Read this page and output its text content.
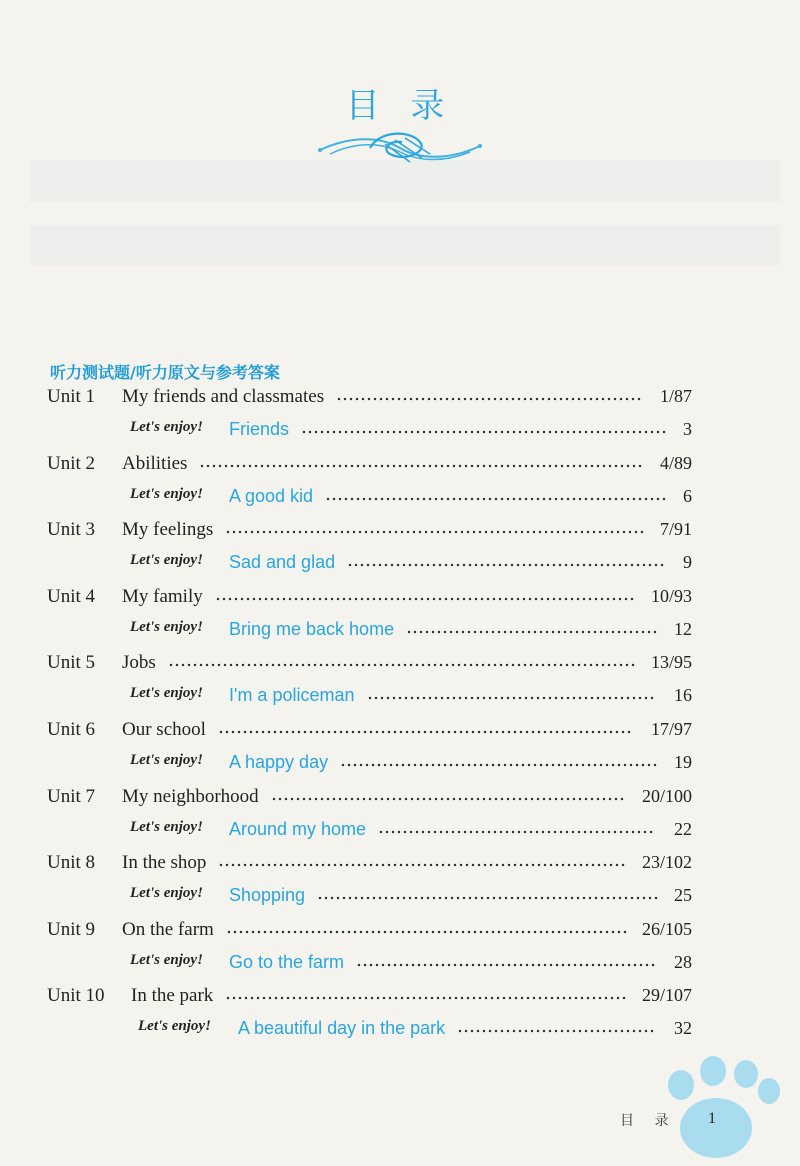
目 录
听力测试题/听力原文与参考答案
Unit 1 My friends and classmates	1/87
Let's enjoy! Friends	3
Unit 2 Abilities	4/89
Let's enjoy! A good kid	6
Unit 3 My feelings	7/91
Let's enjoy! Sad and glad	9
Unit 4 My family	10/93
Let's enjoy! Bring me back home	12
Unit 5 Jobs	13/95
Let's enjoy! I'm a policeman	16
Unit 6 Our school	17/97
Let's enjoy! A happy day	19
Unit 7 My neighborhood	20/100
Let's enjoy! Around my home	22
Unit 8 In the shop	23/102
Let's enjoy! Shopping	25
Unit 9 On the farm	26/105
Let's enjoy! Go to the farm	28
Unit 10 In the park	29/107
Let's enjoy! A beautiful day in the park	32
目 录 1
